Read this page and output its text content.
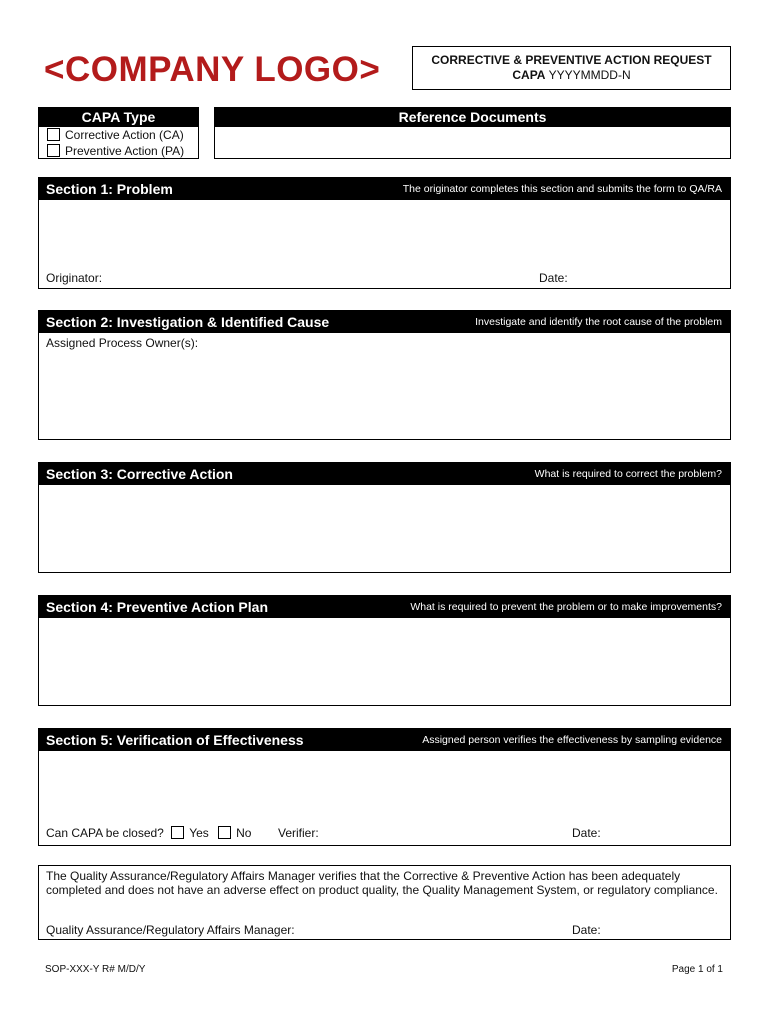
<COMPANY LOGO>	CORRECTIVE & PREVENTIVE ACTION REQUEST
CAPA YYYYMMDD-N
CAPA Type
Corrective Action (CA)
Preventive Action (PA)
Reference Documents
Section 1: Problem	The originator completes this section and submits the form to QA/RA
Originator:	Date:
Section 2: Investigation & Identified Cause	Investigate and identify the root cause of the problem
Assigned Process Owner(s):
Section 3: Corrective Action	What is required to correct the problem?
Section 4: Preventive Action Plan	What is required to prevent the problem or to make improvements?
Section 5: Verification of Effectiveness	Assigned person verifies the effectiveness by sampling evidence
Can CAPA be closed? Yes No Verifier:	Date:
The Quality Assurance/Regulatory Affairs Manager verifies that the Corrective & Preventive Action has been adequately
completed and does not have an adverse effect on product quality, the Quality Management System, or regulatory compliance.
Quality Assurance/Regulatory Affairs Manager:	Date:
SOP-XXX-Y R# M/D/Y	Page 1 of 1
